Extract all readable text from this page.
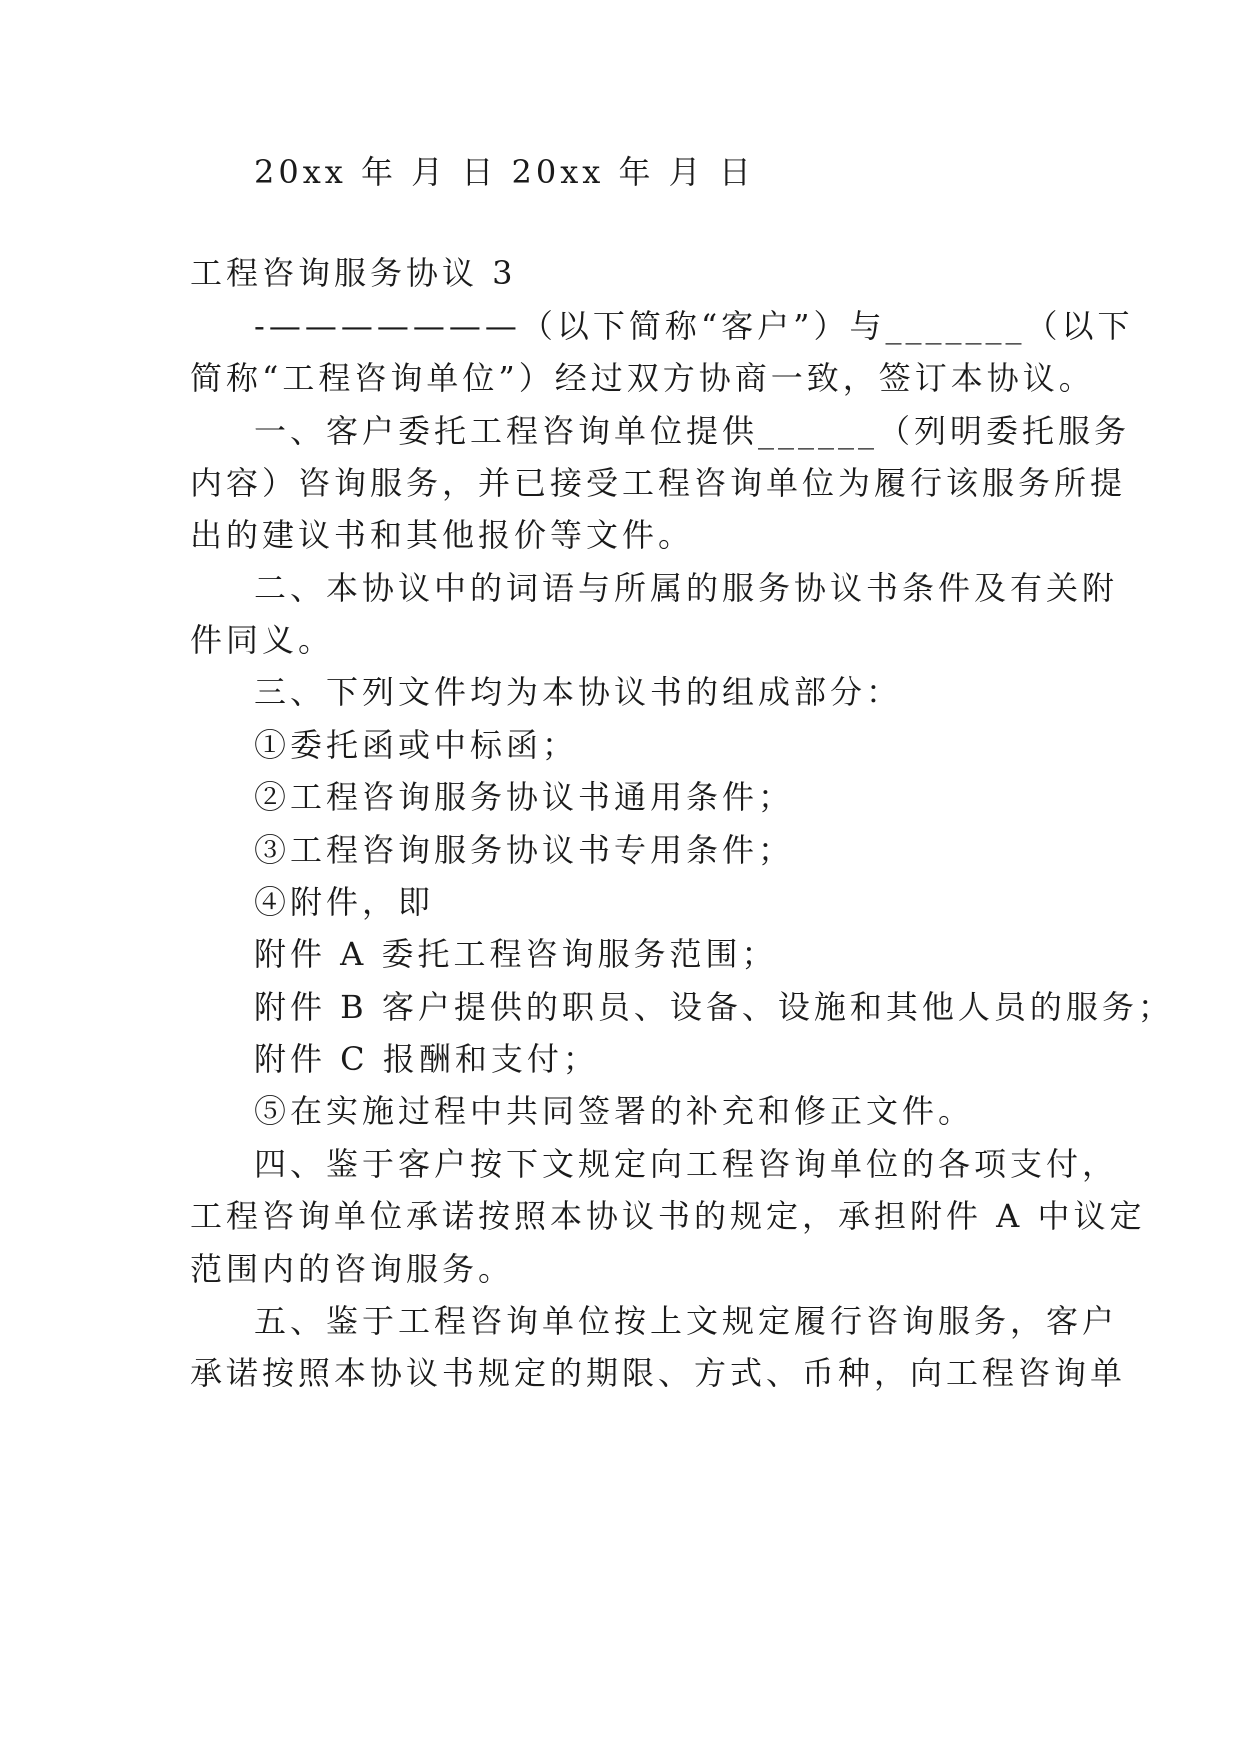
20xx 年 月 日 20xx 年 月 日
工程咨询服务协议 3
-———————（以下简称“客户”）与_______（以下
简称“工程咨询单位”）经过双方协商一致，签订本协议。
一、客户委托工程咨询单位提供______（列明委托服务
内容）咨询服务，并已接受工程咨询单位为履行该服务所提
出的建议书和其他报价等文件。
二、本协议中的词语与所属的服务协议书条件及有关附
件同义。
三、下列文件均为本协议书的组成部分：
①委托函或中标函；
②工程咨询服务协议书通用条件；
③工程咨询服务协议书专用条件；
④附件，即
附件 A 委托工程咨询服务范围；
附件 B 客户提供的职员、设备、设施和其他人员的服务；
附件 C 报酬和支付；
⑤在实施过程中共同签署的补充和修正文件。
四、鉴于客户按下文规定向工程咨询单位的各项支付，
工程咨询单位承诺按照本协议书的规定，承担附件 A 中议定
范围内的咨询服务。
五、鉴于工程咨询单位按上文规定履行咨询服务，客户
承诺按照本协议书规定的期限、方式、币种，向工程咨询单
